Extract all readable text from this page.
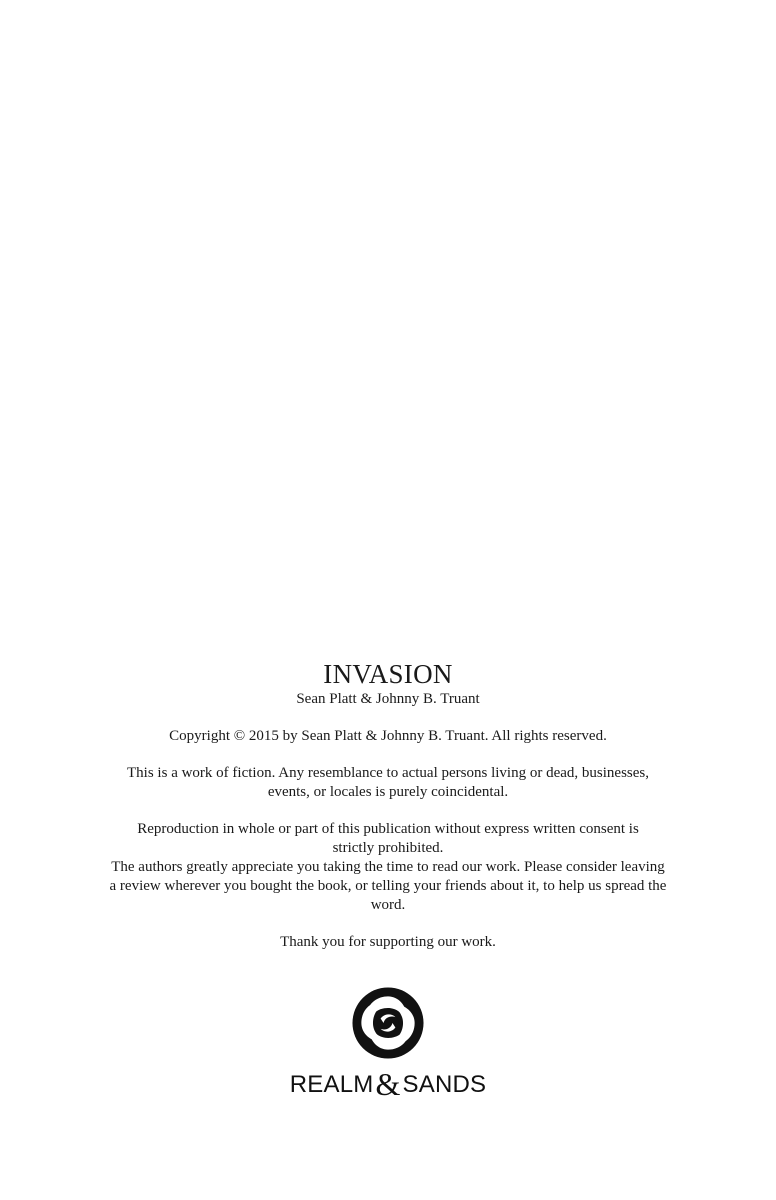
INVASION

Sean Platt & Johnny B. Truant

Copyright © 2015 by Sean Platt & Johnny B. Truant. All rights reserved.

This is a work of fiction. Any resemblance to actual persons living or dead, businesses, events, or locales is purely coincidental.

Reproduction in whole or part of this publication without express written consent is strictly prohibited.

The authors greatly appreciate you taking the time to read our work. Please consider leaving a review wherever you bought the book, or telling your friends about it, to help us spread the word.

Thank you for supporting our work.

REALM&SANDS
